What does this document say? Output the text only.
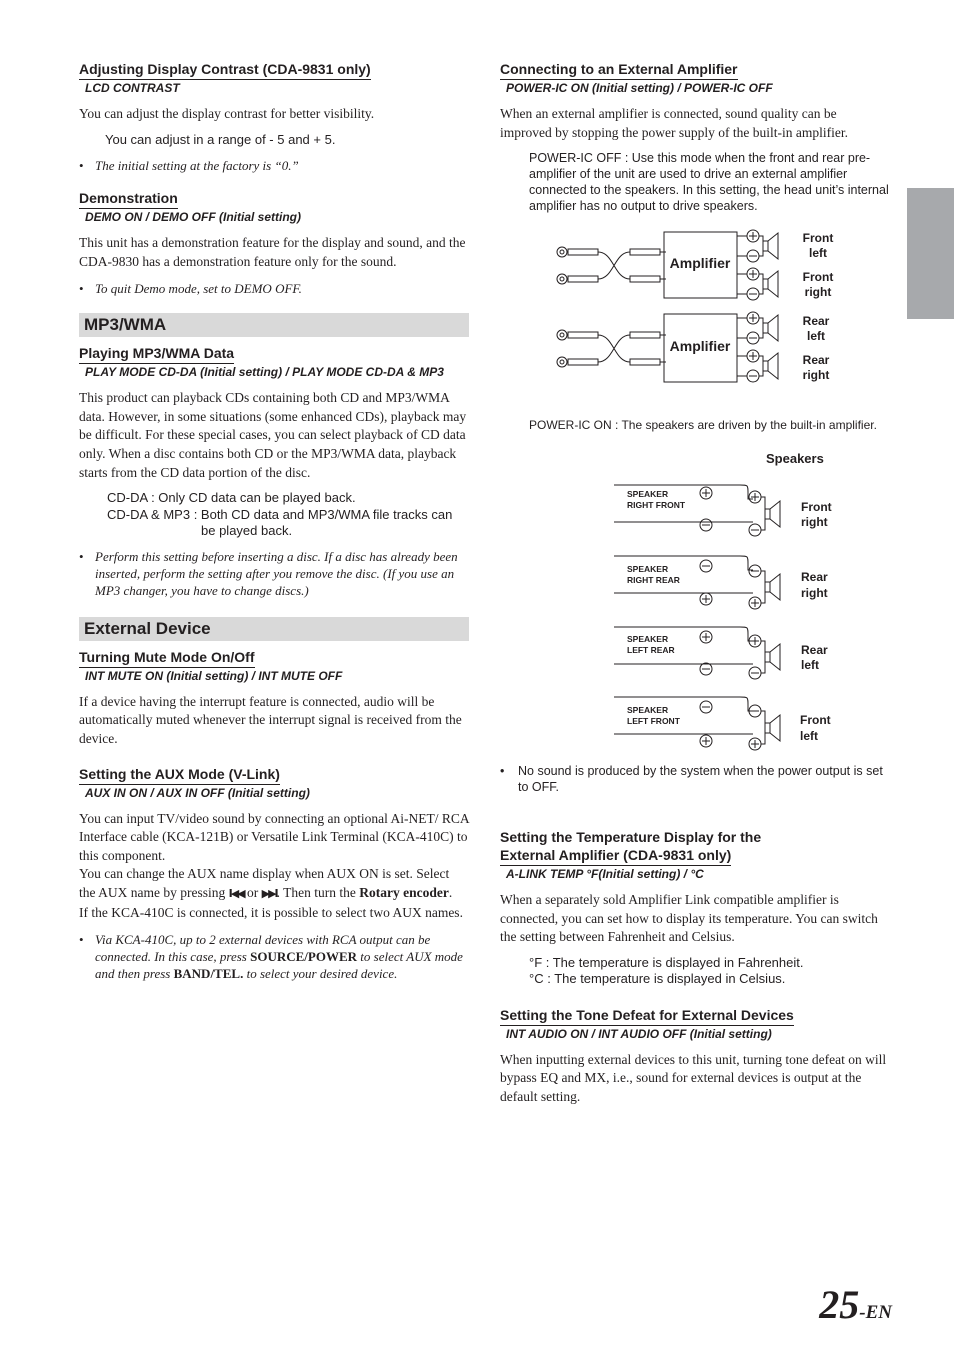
Adjusting Display Contrast (CDA-9831 only)

LCD CONTRAST

You can adjust the display contrast for better visibility.

You can adjust in a range of - 5 and + 5.

• The initial setting at the factory is “0.”

Demonstration

DEMO ON / DEMO OFF (Initial setting)

This unit has a demonstration feature for the display and sound, and the CDA-9830 has a demonstration feature only for the sound.

• To quit Demo mode, set to DEMO OFF.

MP3/WMA

Playing MP3/WMA Data

PLAY MODE CD-DA (Initial setting) / PLAY MODE CD-DA & MP3

This product can playback CDs containing both CD and MP3/WMA data. However, in some situations (some enhanced CDs), playback may be difficult. For these special cases, you can select playback of CD data only. When a disc contains both CD or the MP3/WMA data, playback starts from the CD data portion of the disc.

CD-DA : Only CD data can be played back.

CD-DA & MP3 : Both CD data and MP3/WMA file tracks can

be played back.

• Perform this setting before inserting a disc. If a disc has already been inserted, perform the setting after you remove the disc. (If you use an MP3 changer, you have to change discs.)

External Device

Turning Mute Mode On/Off

INT MUTE ON (Initial setting) / INT MUTE OFF

If a device having the interrupt feature is connected, audio will be automatically muted whenever the interrupt signal is received from the device.

Setting the AUX Mode (V-Link)

AUX IN ON / AUX IN OFF (Initial setting)

You can input TV/video sound by connecting an optional Ai-NET/ RCA Interface cable (KCA-121B) or Versatile Link Terminal (KCA-410C) to this component.

You can change the AUX name display when AUX ON is set. Select the AUX name by pressing I◀◀ or ▶▶I. Then turn the Rotary encoder.

If the KCA-410C is connected, it is possible to select two AUX names.

• Via KCA-410C, up to 2 external devices with RCA output can be connected. In this case, press SOURCE/POWER to select AUX mode and then press BAND/TEL. to select your desired device.

Connecting to an External Amplifier

POWER-IC ON (Initial setting) / POWER-IC OFF

When an external amplifier is connected, sound quality can be improved by stopping the power supply of the built-in amplifier.

POWER-IC OFF : Use this mode when the front and rear pre-amplifier of the unit are used to drive an external amplifier connected to the speakers. In this setting, the head unit’s internal amplifier has no output to drive speakers.

Amplifier
Amplifier
Front
left
Front
right
Rear
left
Rear
right

POWER-IC ON : The speakers are driven by the built-in amplifier.

Speakers
SPEAKER
RIGHT FRONT
SPEAKER
RIGHT REAR
SPEAKER
LEFT REAR
SPEAKER
LEFT FRONT
Front
right
Rear
right
Rear
left
Front
left

• No sound is produced by the system when the power output is set to OFF.

Setting the Temperature Display for the

External Amplifier (CDA-9831 only)

A-LINK TEMP °F(Initial setting) / °C

When a separately sold Amplifier Link compatible amplifier is connected, you can set how to display its temperature. You can switch the setting between Fahrenheit and Celsius.

°F : The temperature is displayed in Fahrenheit.

°C : The temperature is displayed in Celsius.

Setting the Tone Defeat for External Devices

INT AUDIO ON / INT AUDIO OFF (Initial setting)

When inputting external devices to this unit, turning tone defeat on will bypass EQ and MX, i.e., sound for external devices is output at the default setting.

25-EN
